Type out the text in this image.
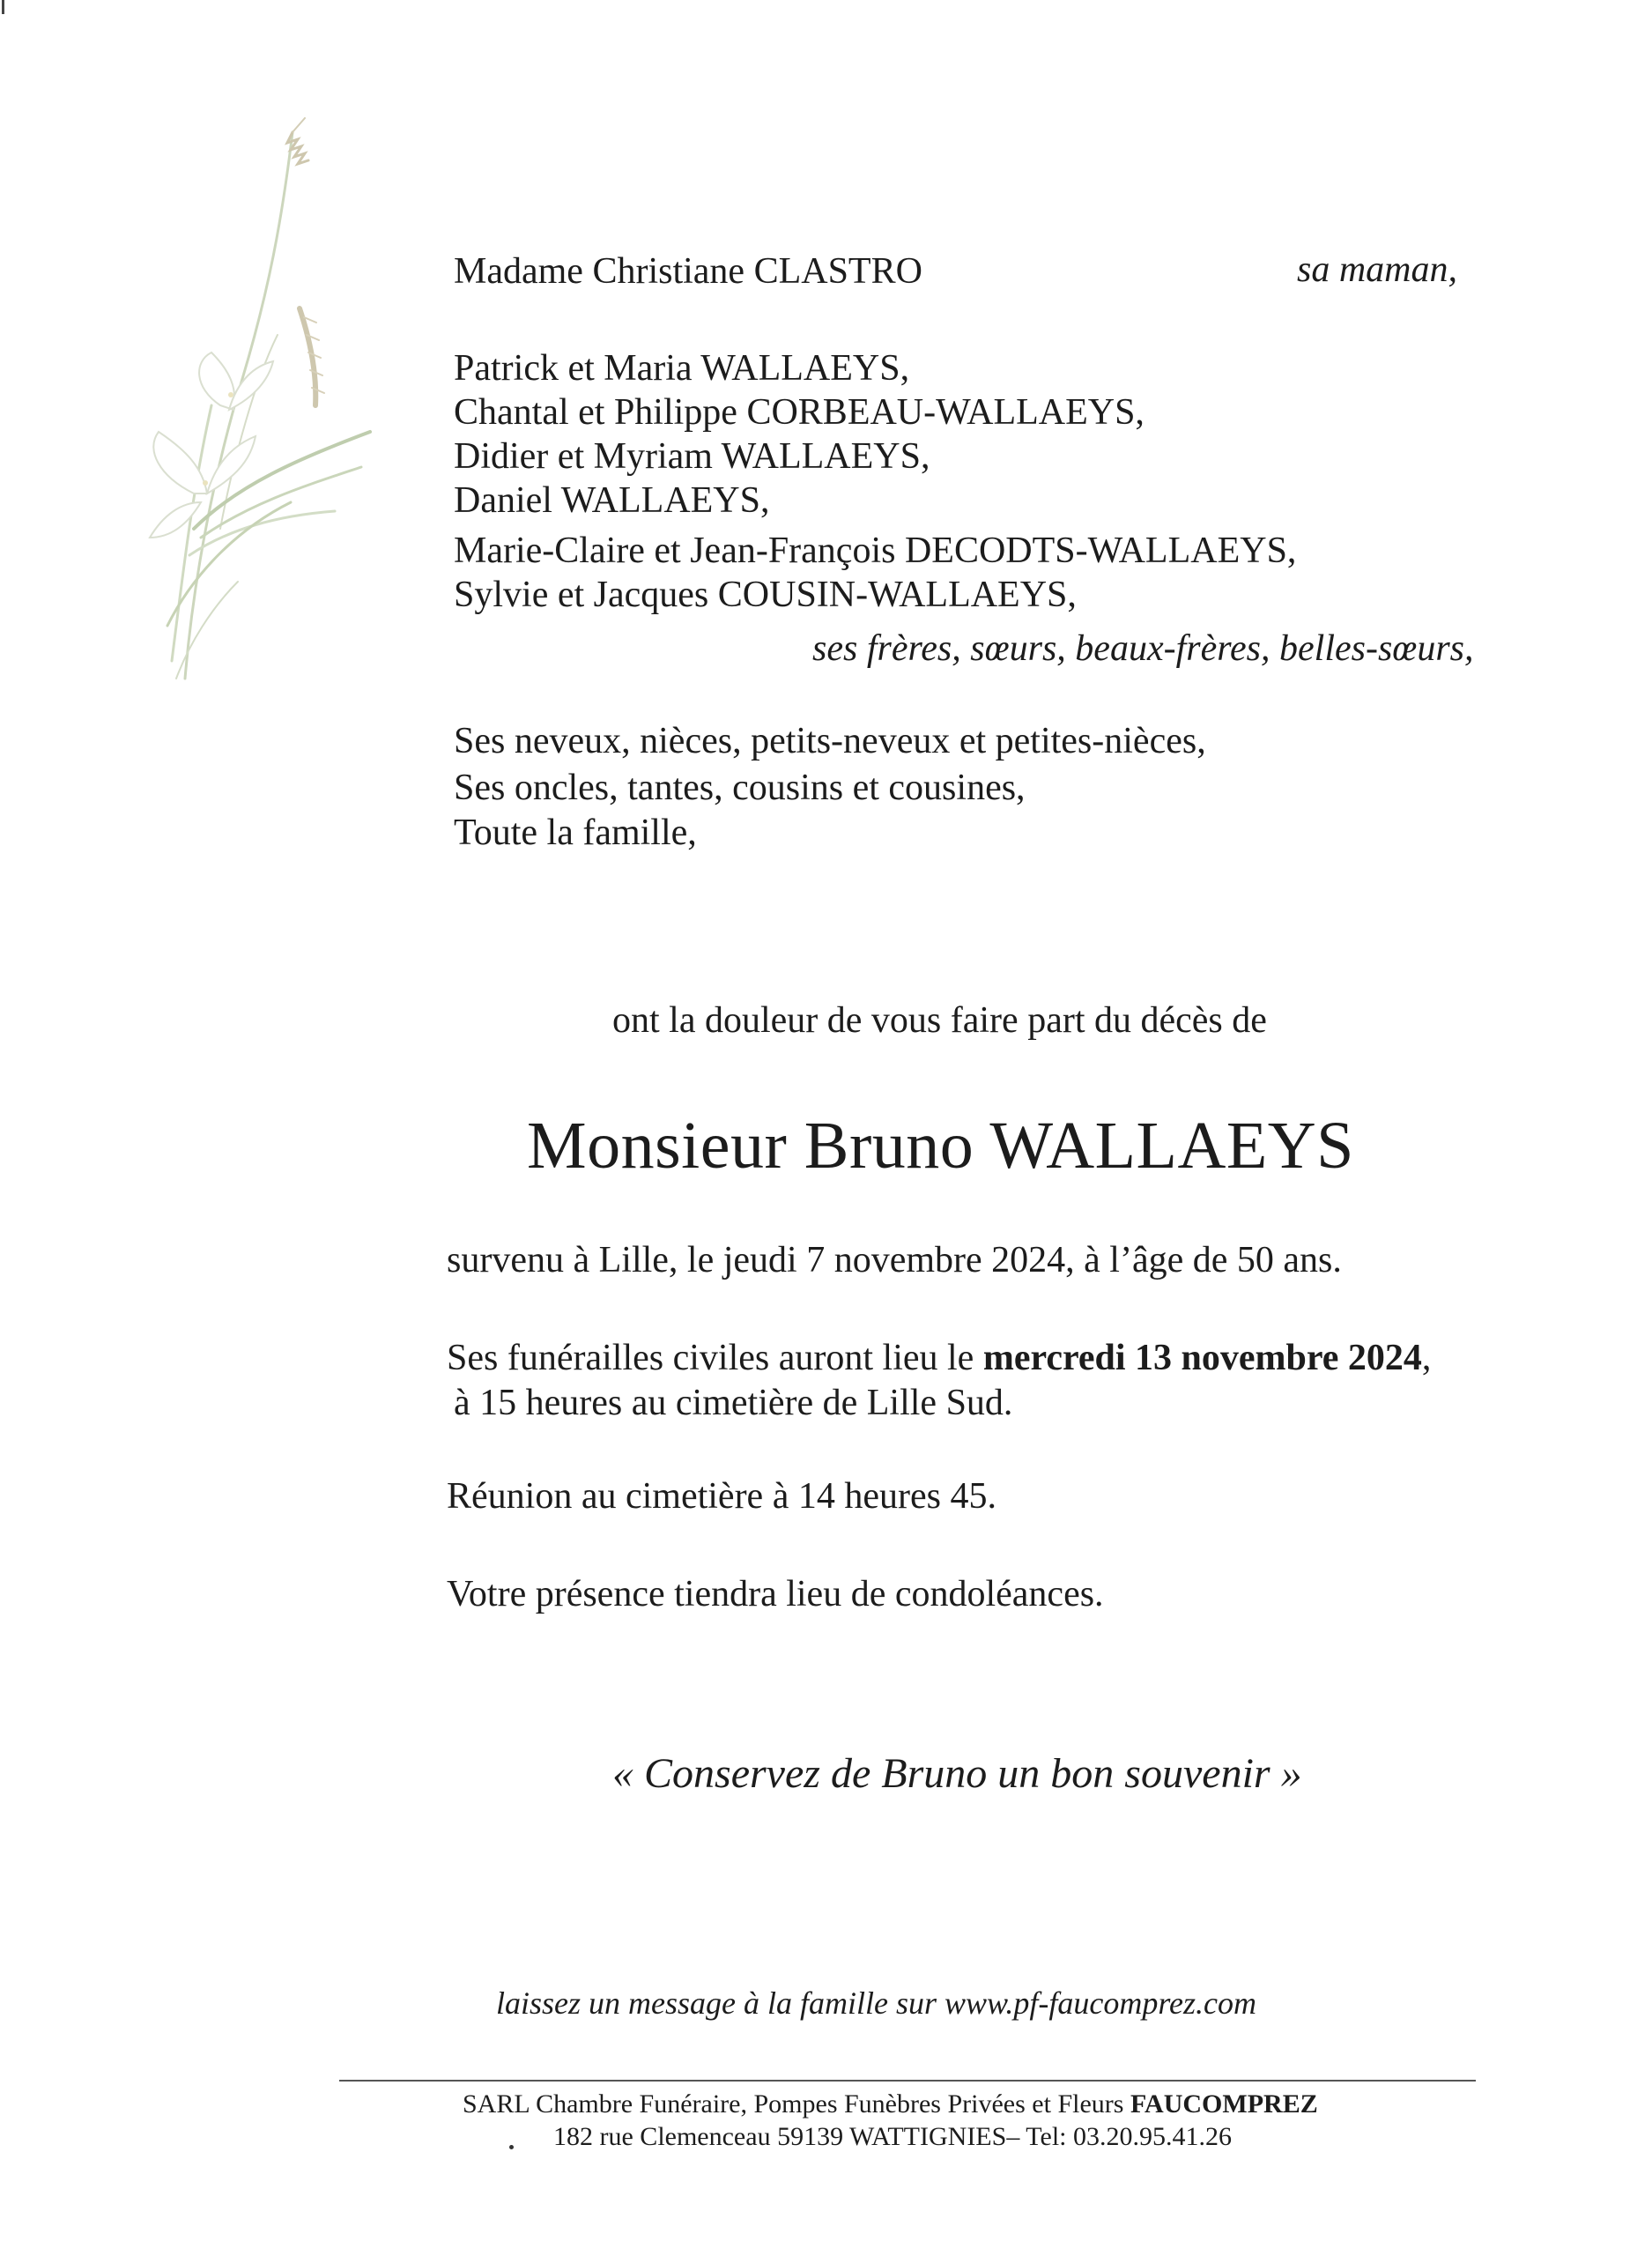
Madame Christiane CLASTRO	sa maman,
Patrick et Maria WALLAEYS,
Chantal et Philippe CORBEAU-WALLAEYS,
Didier et Myriam WALLAEYS,
Daniel WALLAEYS,
Marie-Claire et Jean-François DECODTS-WALLAEYS,
Sylvie et Jacques COUSIN-WALLAEYS,
ses frères, sœurs, beaux-frères, belles-sœurs,
Ses neveux, nièces, petits-neveux et petites-nièces,
Ses oncles, tantes, cousins et cousines,
Toute la famille,
ont la douleur de vous faire part du décès de
Monsieur Bruno WALLAEYS
survenu à Lille, le jeudi 7 novembre 2024, à l’âge de 50 ans.
Ses funérailles civiles auront lieu le mercredi 13 novembre 2024,
à 15 heures au cimetière de Lille Sud.
Réunion au cimetière à 14 heures 45.
Votre présence tiendra lieu de condoléances.
« Conservez de Bruno un bon souvenir »
laissez un message à la famille sur www.pf-faucomprez.com
SARL Chambre Funéraire, Pompes Funèbres Privées et Fleurs FAUCOMPREZ
182 rue Clemenceau 59139 WATTIGNIES– Tel: 03.20.95.41.26
